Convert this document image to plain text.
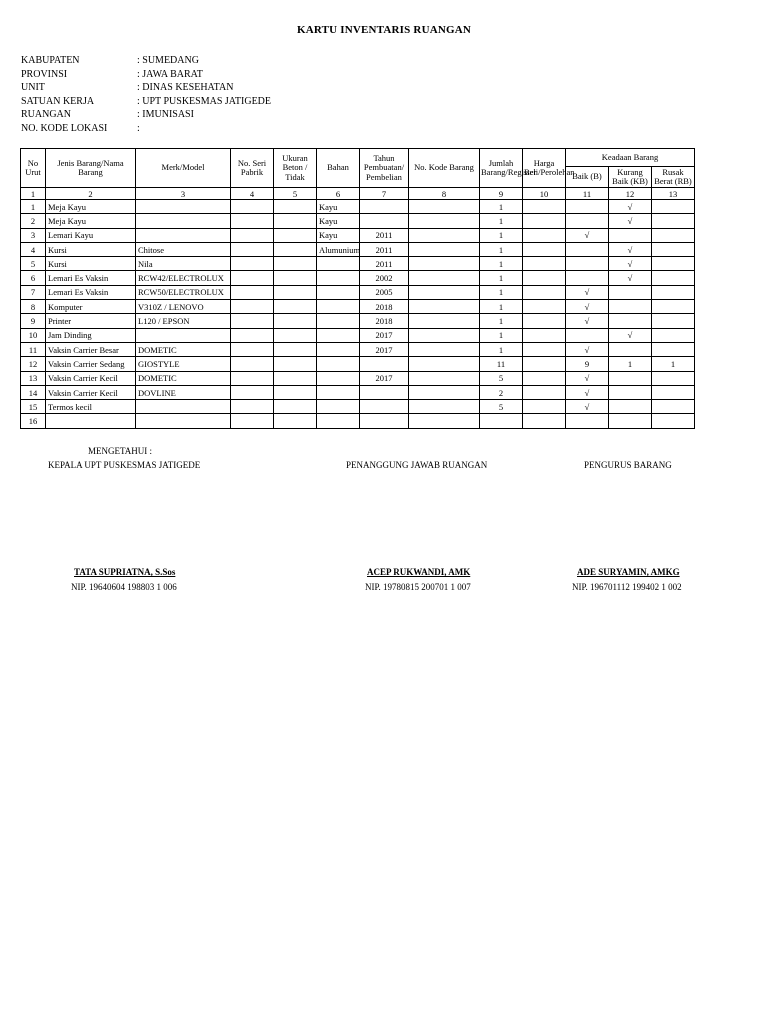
KARTU INVENTARIS RUANGAN
KABUPATEN	: SUMEDANG
PROVINSI	: JAWA BARAT
UNIT	: DINAS KESEHATAN
SATUAN KERJA	: UPT PUSKESMAS JATIGEDE
RUANGAN	: IMUNISASI
NO. KODE LOKASI	:
No Urut	Jenis Barang/Nama Barang	Merk/Model	No. Seri Pabrik	Ukuran Beton / Tidak	Bahan	Tahun Pembuatan/ Pembelian	No. Kode Barang	Jumlah Barang/Register	Harga Beli/Perolehan	Keadaan Barang		
										Baik (B)	Kurang Baik (KB)	Rusak Berat (RB)
1	2	3	4	5	6	7	8	9	10	11	12	13
1	Meja Kayu				Kayu			1			√	
2	Meja Kayu				Kayu			1			√	
3	Lemari Kayu				Kayu	2011		1		√		
4	Kursi	Chitose			Alumunium	2011		1			√	
5	Kursi	Nila				2011		1			√	
6	Lemari Es Vaksin	RCW42/ELECTROLUX				2002		1			√	
7	Lemari Es Vaksin	RCW50/ELECTROLUX				2005		1		√		
8	Komputer	V310Z / LENOVO				2018		1		√		
9	Printer	L120 / EPSON				2018		1		√		
10	Jam Dinding					2017		1			√	
11	Vaksin Carrier Besar	DOMETIC				2017		1		√		
12	Vaksin Carrier Sedang	GIOSTYLE						11		9	1	1
13	Vaksin Carrier Kecil	DOMETIC				2017		5		√		
14	Vaksin Carrier Kecil	DOVLINE						2		√		
15	Termos kecil							5		√		
16												
MENGETAHUI :
KEPALA UPT PUSKESMAS JATIGEDE	PENANGGUNG JAWAB RUANGAN	PENGURUS BARANG
TATA SUPRIATNA, S.Sos	ACEP RUKWANDI, AMK	ADE SURYAMIN, AMKG
NIP. 19640604 198803 1 006	NIP. 19780815 200701 1 007	NIP. 196701112 199402 1 002
